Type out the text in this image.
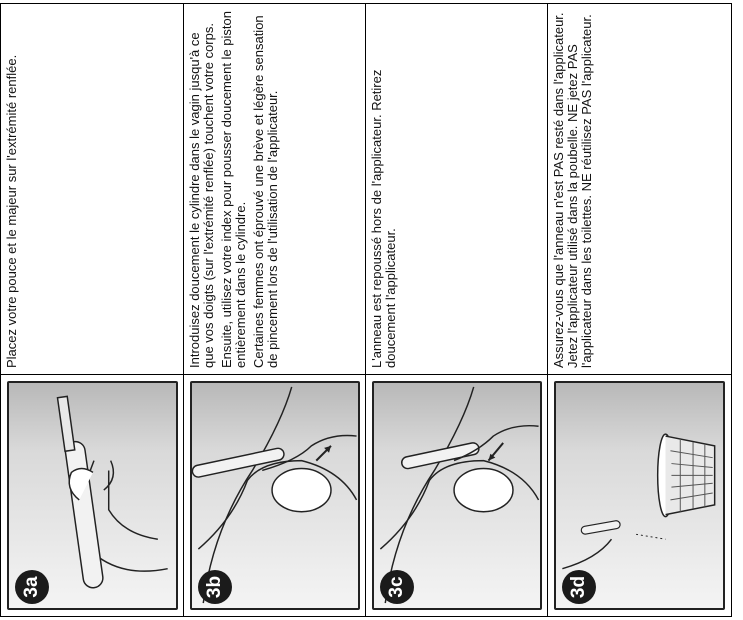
3a

Placez votre pouce et le majeur sur l'extrémité renflée.

3b

Introduisez doucement le cylindre dans le vagin jusqu'à ce que vos doigts (sur l'extrémité renflée) touchent votre corps. Ensuite, utilisez votre index pour pousser doucement le piston entièrement dans le cylindre. Certaines femmes ont éprouvé une brève et légère sensation de pincement lors de l'utilisation de l'applicateur.

3c

L'anneau est repoussé hors de l'applicateur. Retirez doucement l'applicateur.

3d

Assurez-vous que l'anneau n'est PAS resté dans l'applicateur. Jetez l'applicateur utilisé dans la poubelle. NE jetez PAS l'applicateur dans les toilettes. NE réutilisez PAS l'applicateur.
